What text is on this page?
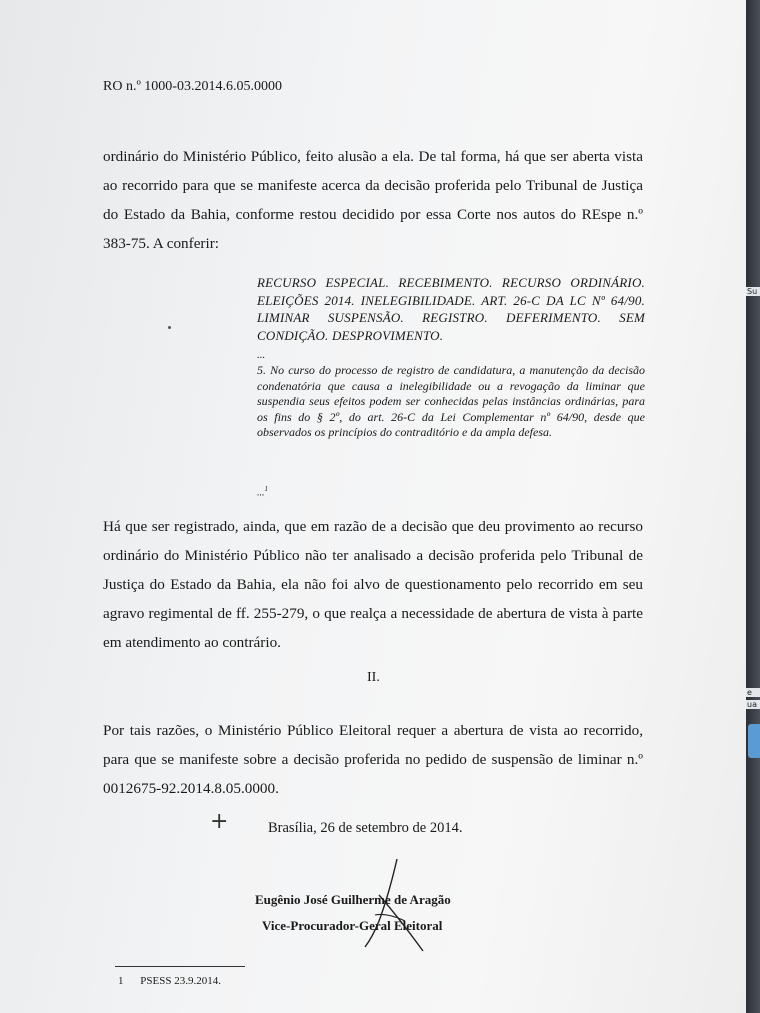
RO n.º 1000-03.2014.6.05.0000
ordinário do Ministério Público, feito alusão a ela. De tal forma, há que ser aberta vista ao recorrido para que se manifeste acerca da decisão proferida pelo Tribunal de Justiça do Estado da Bahia, conforme restou decidido por essa Corte nos autos do REspe n.º 383-75. A conferir:
RECURSO ESPECIAL. RECEBIMENTO. RECURSO ORDINÁRIO. ELEIÇÕES 2014. INELEGIBILIDADE. ART. 26-C DA LC Nº 64/90. LIMINAR SUSPENSÃO. REGISTRO. DEFERIMENTO. SEM CONDIÇÃO. DESPROVIMENTO.
...
5. No curso do processo de registro de candidatura, a manutenção da decisão condenatória que causa a inelegibilidade ou a revogação da liminar que suspendia seus efeitos podem ser conhecidas pelas instâncias ordinárias, para os fins do § 2º, do art. 26-C da Lei Complementar nº 64/90, desde que observados os princípios do contraditório e da ampla defesa.
...$^1$
Há que ser registrado, ainda, que em razão de a decisão que deu provimento ao recurso ordinário do Ministério Público não ter analisado a decisão proferida pelo Tribunal de Justiça do Estado da Bahia, ela não foi alvo de questionamento pelo recorrido em seu agravo regimental de ff. 255-279, o que realça a necessidade de abertura de vista à parte em atendimento ao contrário.
II.
Por tais razões, o Ministério Público Eleitoral requer a abertura de vista ao recorrido, para que se manifeste sobre a decisão proferida no pedido de suspensão de liminar n.º 0012675-92.2014.8.05.0000.
+	Brasília, 26 de setembro de 2014.
Eugênio José Guilherme de Aragão
Vice-Procurador-Geral Eleitoral
1 PSESS 23.9.2014.
Su
e
ua
